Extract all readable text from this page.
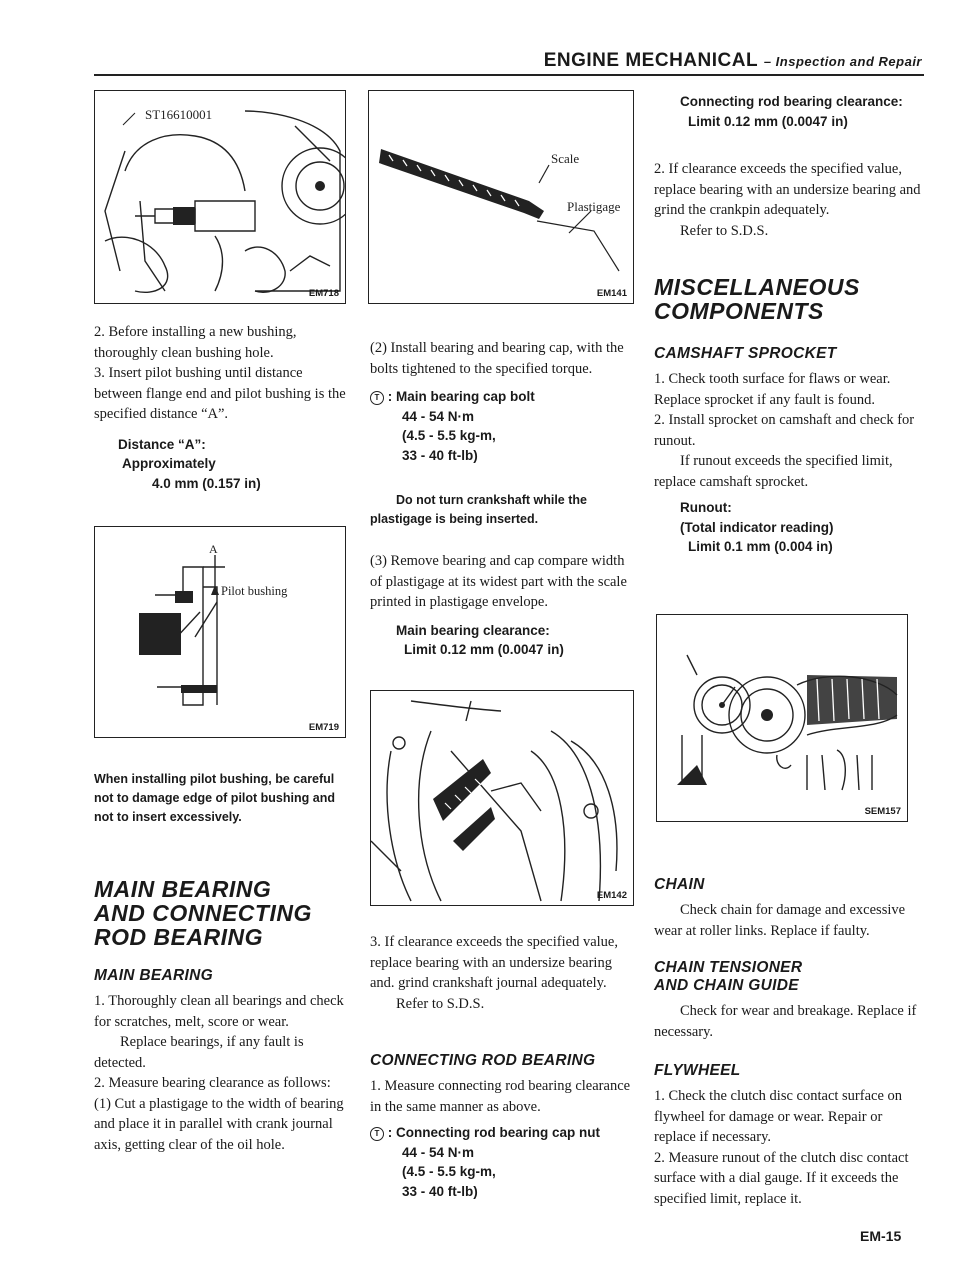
ENGINE MECHANICAL – Inspection and Repair
ST16610001
EM718

2. Before installing a new bushing, thoroughly clean bushing hole.

3. Insert pilot bushing until distance between flange end and pilot bushing is the specified distance “A”.

Distance “A”:
Approximately
4.0 mm (0.157 in)
A
Pilot bushing
EM719

When installing pilot bushing, be careful not to damage edge of pilot bushing and not to insert excessively.

MAIN BEARING
AND CONNECTING
ROD BEARING
MAIN BEARING

1. Thoroughly clean all bearings and check for scratches, melt, score or wear.

Replace bearings, if any fault is detected.

2. Measure bearing clearance as follows:

(1) Cut a plastigage to the width of bearing and place it in parallel with crank journal axis, getting clear of the oil hole.

Scale
Plastigage
EM141

(2) Install bearing and bearing cap, with the bolts tightened to the specified torque.

T : Main bearing cap bolt
44 - 54 N·m
(4.5 - 5.5 kg-m,
33 - 40 ft-lb)

Do not turn crankshaft while the plastigage is being inserted.

(3) Remove bearing and cap compare width of plastigage at its widest part with the scale printed in plastigage envelope.

Main bearing clearance:
Limit 0.12 mm (0.0047 in)
EM142

3. If clearance exceeds the specified value, replace bearing with an undersize bearing and. grind crankshaft journal adequately.

Refer to S.D.S.

CONNECTING ROD BEARING

1. Measure connecting rod bearing clearance in the same manner as above.

T : Connecting rod bearing cap nut
44 - 54 N·m
(4.5 - 5.5 kg-m,
33 - 40 ft-lb)
Connecting rod bearing clearance:
Limit 0.12 mm (0.0047 in)

2. If clearance exceeds the specified value, replace bearing with an undersize bearing and grind the crankpin adequately.

Refer to S.D.S.

MISCELLANEOUS
COMPONENTS
CAMSHAFT SPROCKET

1. Check tooth surface for flaws or wear. Replace sprocket if any fault is found.

2. Install sprocket on camshaft and check for runout.

If runout exceeds the specified limit, replace camshaft sprocket.

Runout:
(Total indicator reading)
Limit 0.1 mm (0.004 in)
SEM157
CHAIN

Check chain for damage and excessive wear at roller links. Replace if faulty.

CHAIN TENSIONER
AND CHAIN GUIDE

Check for wear and breakage. Replace if necessary.

FLYWHEEL

1. Check the clutch disc contact surface on flywheel for damage or wear. Repair or replace if necessary.

2. Measure runout of the clutch disc contact surface with a dial gauge. If it exceeds the specified limit, replace it.

EM-15
